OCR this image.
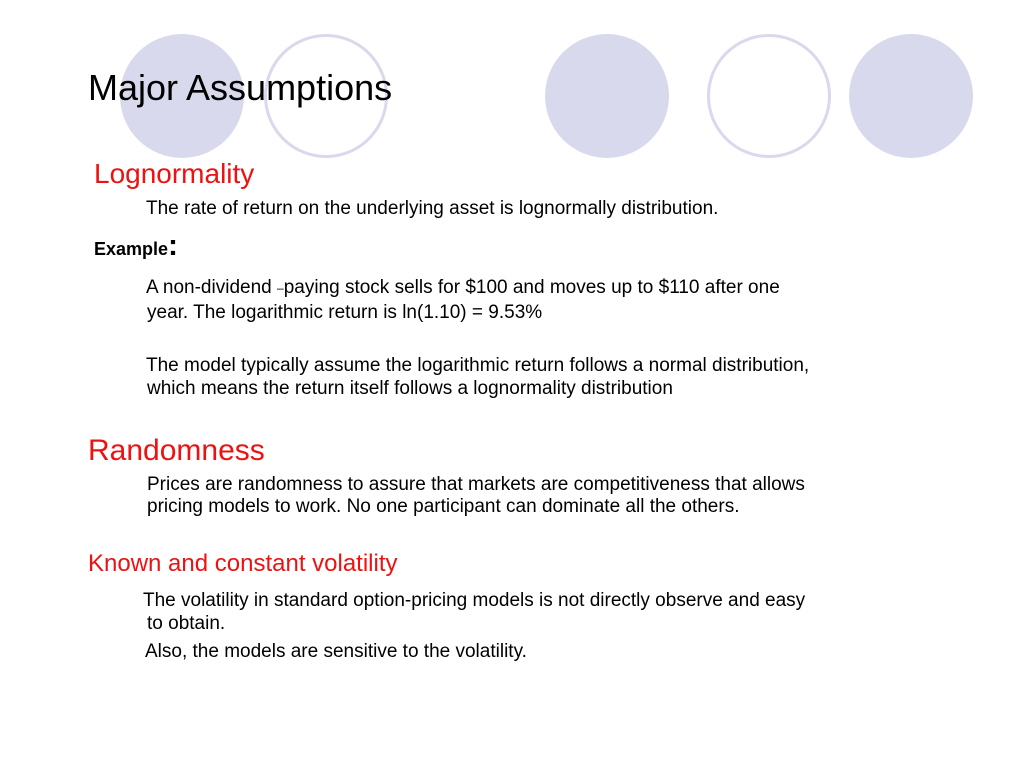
Major Assumptions
Lognormality
The rate of return on the underlying asset is lognormally distribution.
Example:
A non-dividend –paying stock sells for $100 and moves up to $110 after one
year. The logarithmic return is ln(1.10) = 9.53%
The model typically assume the logarithmic return follows a normal distribution,
which means the return itself follows a lognormality distribution
Randomness
Prices are randomness to assure that markets are competitiveness that allows
pricing models to work. No one participant can dominate all the others.
Known and constant volatility
The volatility in standard option-pricing models is not directly observe and easy
to obtain.
Also, the models are sensitive to the volatility.
